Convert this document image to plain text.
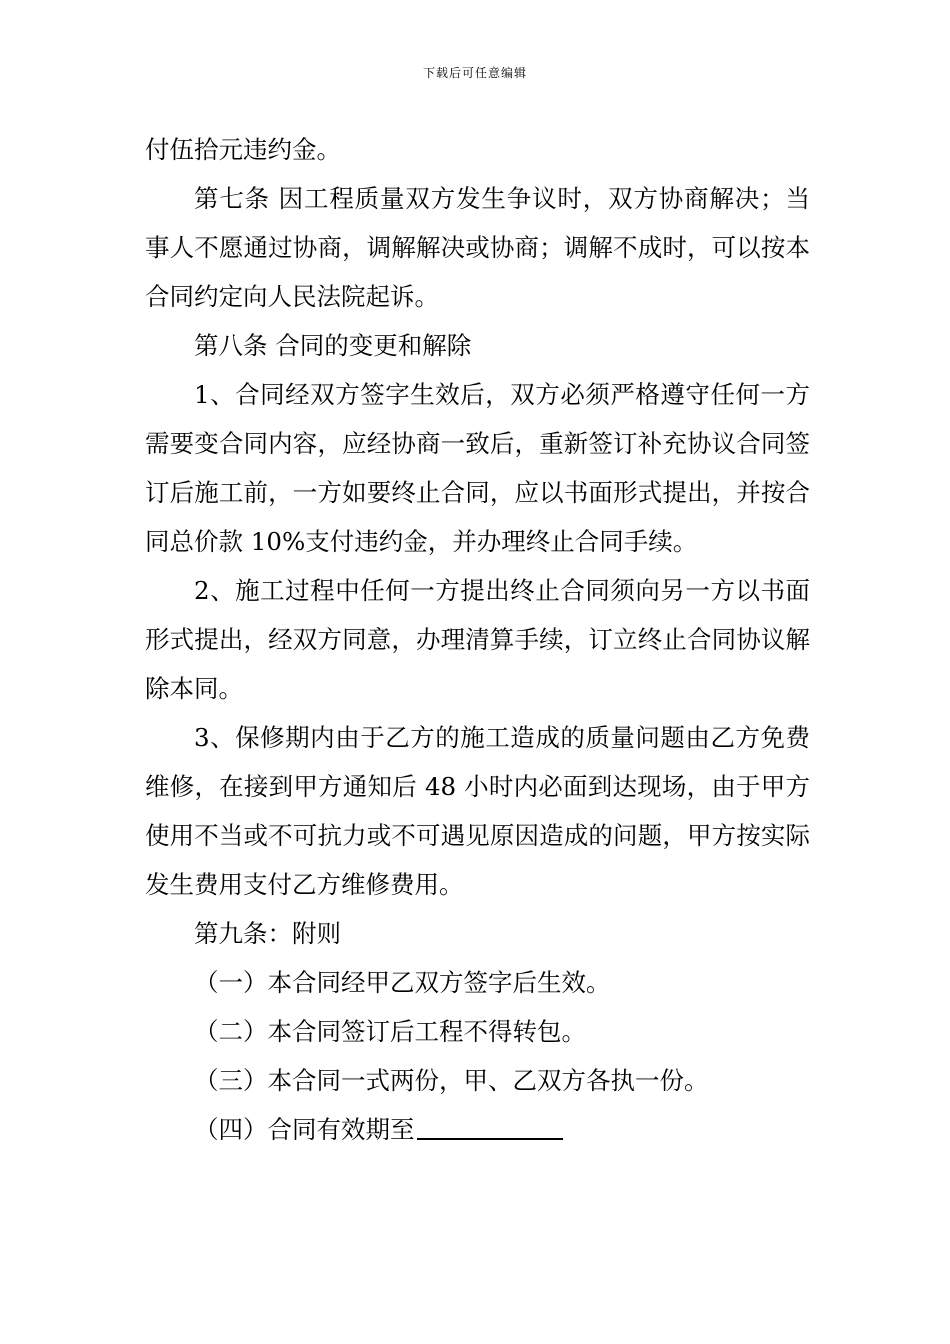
下载后可任意编辑

付伍拾元违约金。

第七条 因工程质量双方发生争议时，双方协商解决；当事人不愿通过协商，调解解决或协商；调解不成时，可以按本合同约定向人民法院起诉。

第八条 合同的变更和解除

1、合同经双方签字生效后，双方必须严格遵守任何一方需要变合同内容，应经协商一致后，重新签订补充协议合同签订后施工前，一方如要终止合同，应以书面形式提出，并按合同总价款 10%支付违约金，并办理终止合同手续。

2、施工过程中任何一方提出终止合同须向另一方以书面形式提出，经双方同意，办理清算手续，订立终止合同协议解除本同。

3、保修期内由于乙方的施工造成的质量问题由乙方免费维修，在接到甲方通知后 48 小时内必面到达现场，由于甲方使用不当或不可抗力或不可遇见原因造成的问题，甲方按实际发生费用支付乙方维修费用。

第九条：附则

（一）本合同经甲乙双方签字后生效。

（二）本合同签订后工程不得转包。

（三）本合同一式两份，甲、乙双方各执一份。

（四）合同有效期至
